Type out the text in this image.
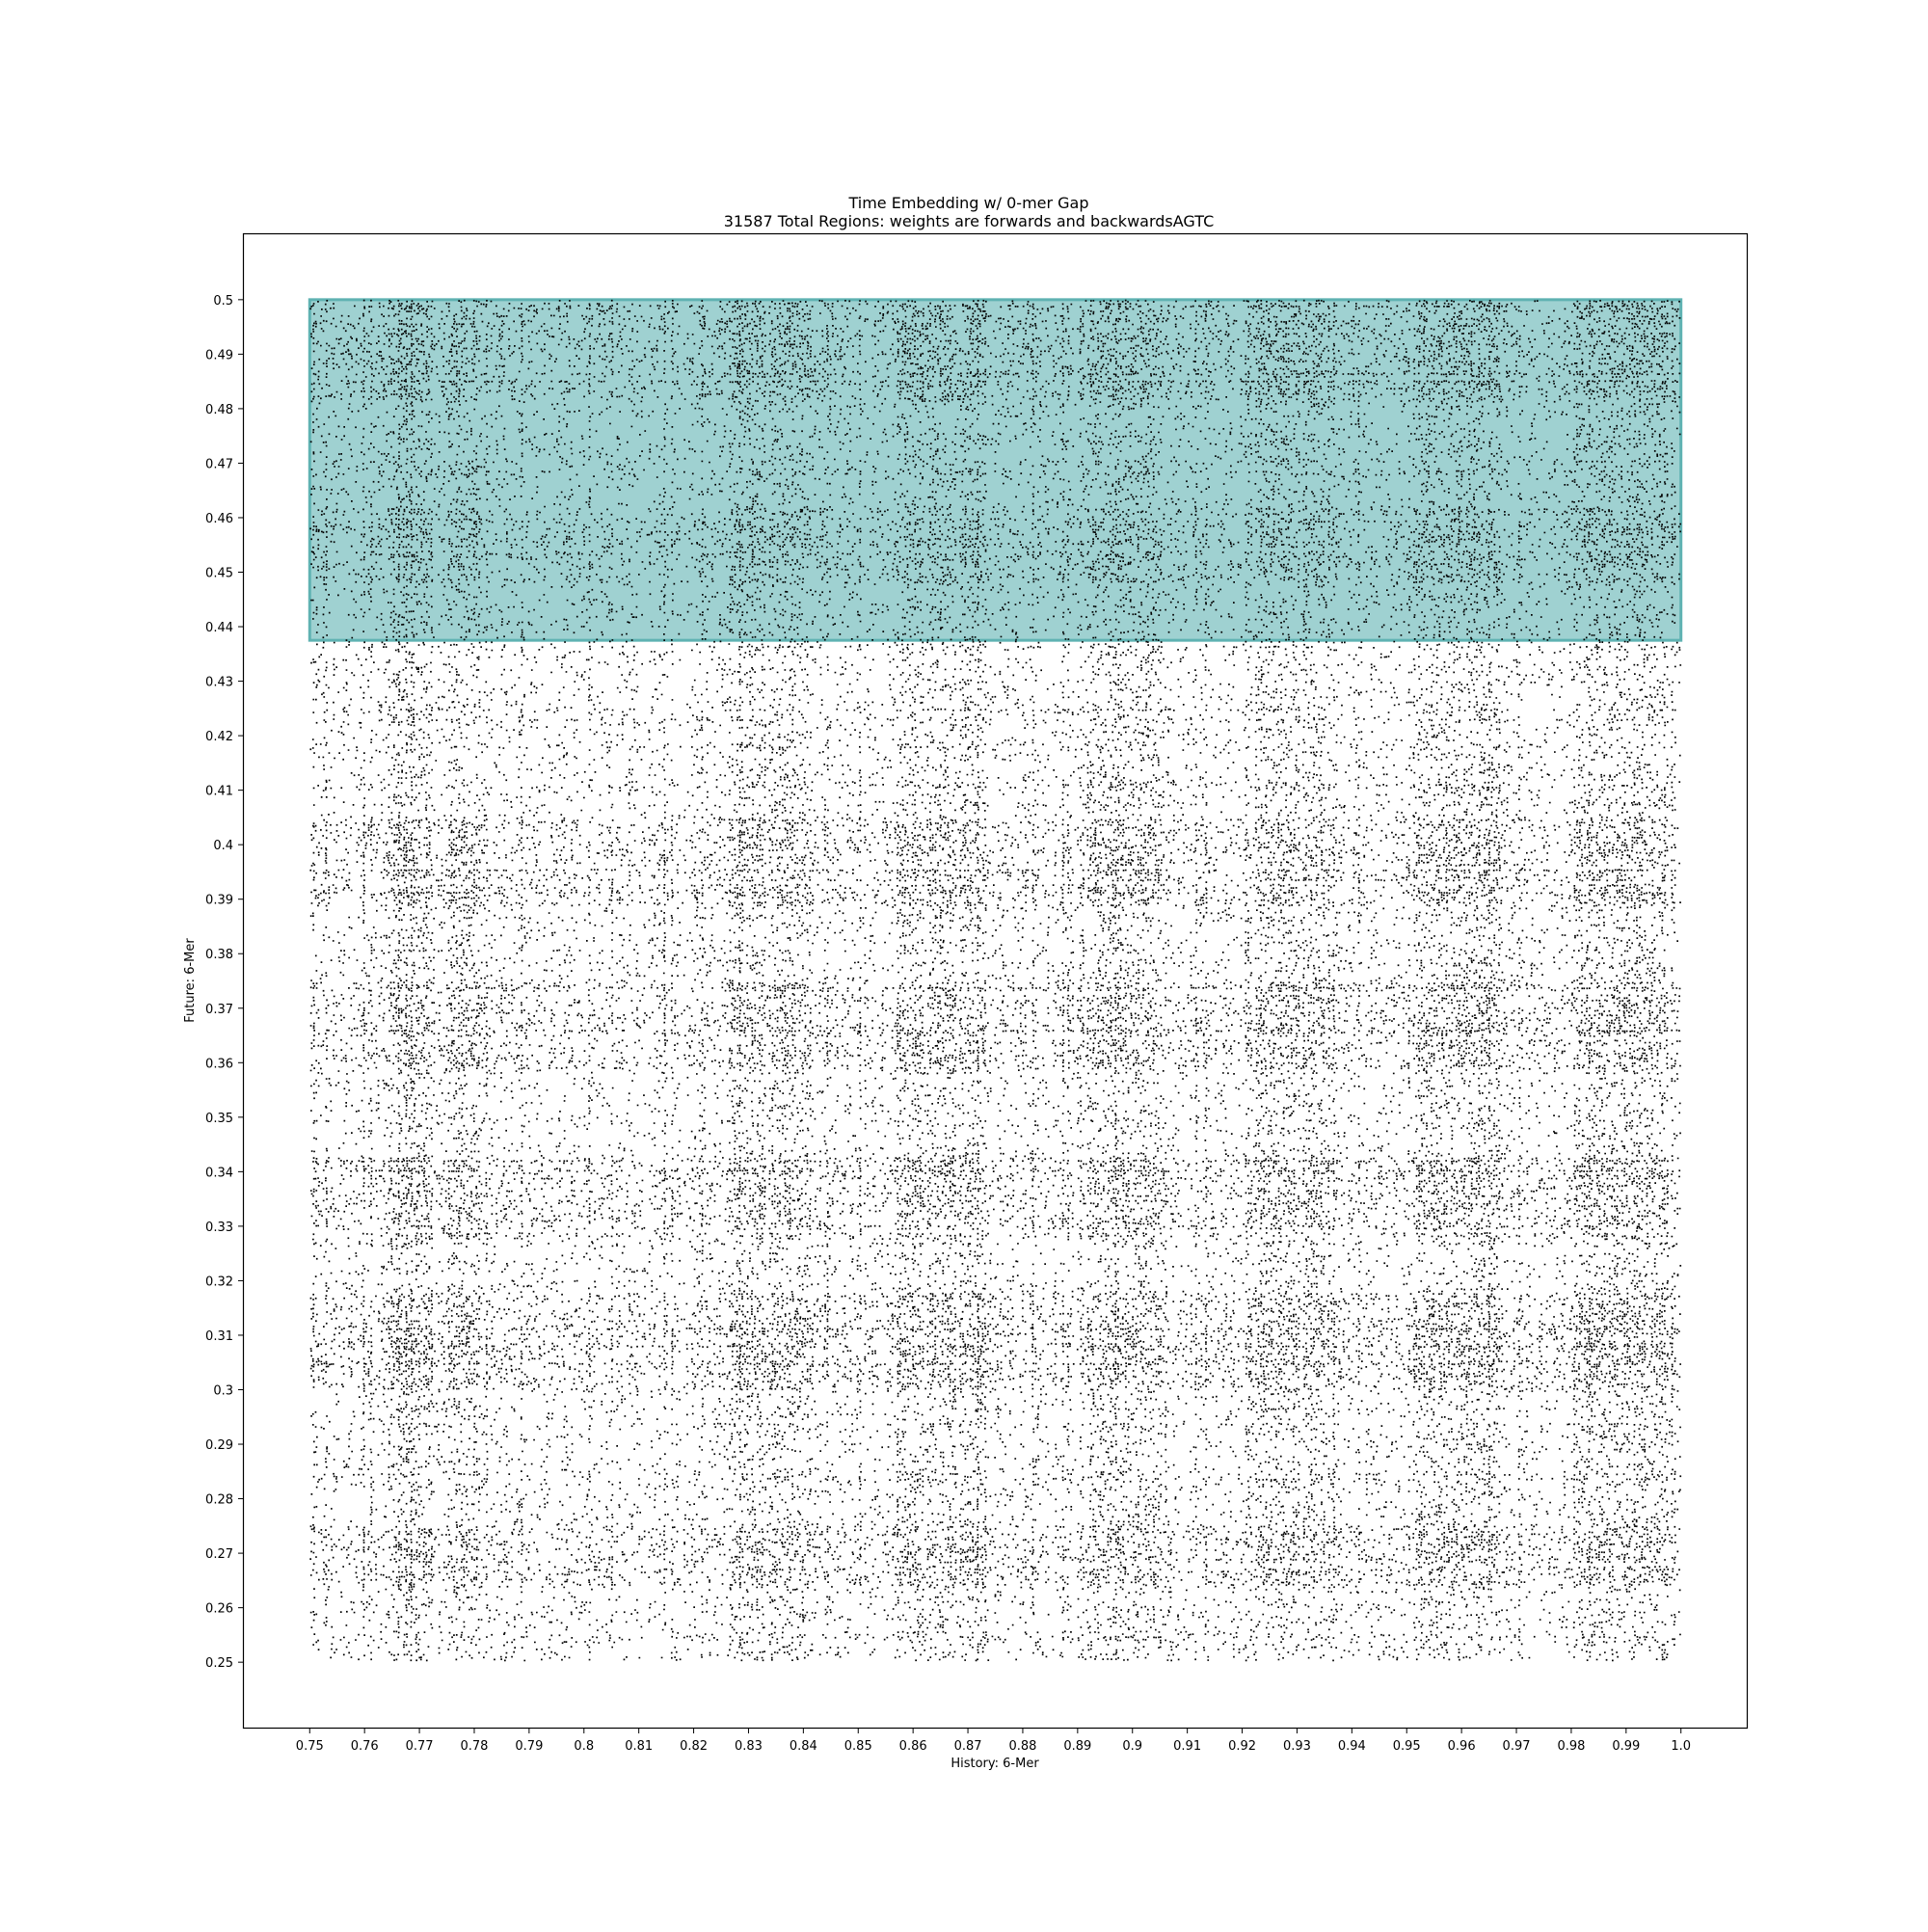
Time Embedding w/ 0-mer Gap
31587 Total Regions: weights are forwards and backwardsAGTC
0.75 0.76 0.77 0.78 0.79 0.8 0.81 0.82 0.83 0.84 0.85 0.86 0.87 0.88 0.89 0.9 0.91 0.92 0.93 0.94 0.95 0.96 0.97 0.98 0.99 1.0
0.25
0.26
0.27
0.28
0.29
0.3
0.31
0.32
0.33
0.34
0.35
0.36
0.37
0.38
0.39
0.4
0.41
0.42
0.43
0.44
0.45
0.46
0.47
0.48
0.49
0.5
History: 6-Mer
Future: 6-Mer
